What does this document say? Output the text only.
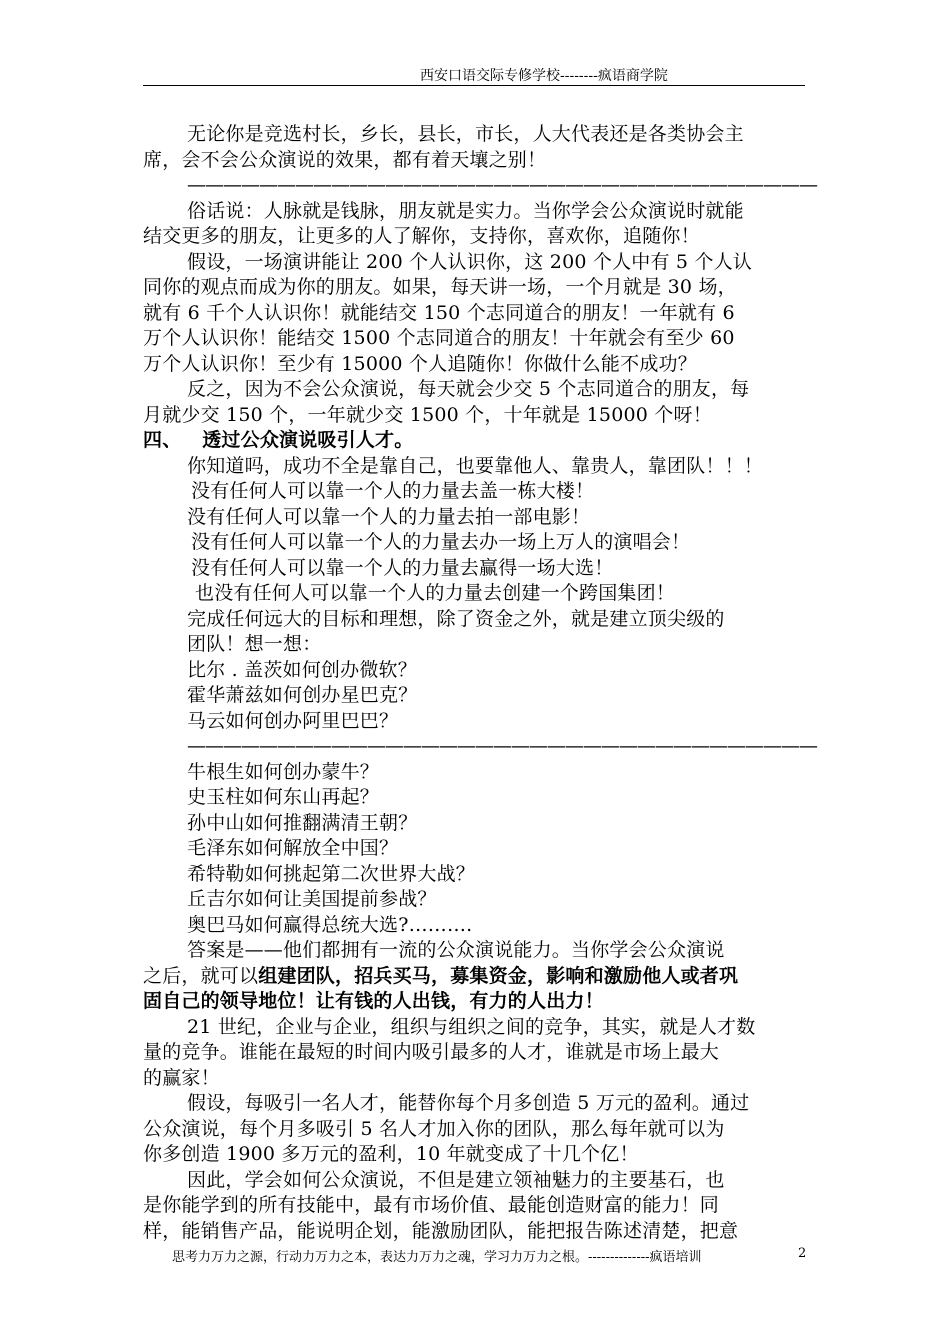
西安口语交际专修学校--------疯语商学院
无论你是竞选村长，乡长，县长，市长，人大代表还是各类协会主
席，会不会公众演说的效果，都有着天壤之别！
———————————————————————————————————
俗话说：人脉就是钱脉，朋友就是实力。当你学会公众演说时就能
结交更多的朋友，让更多的人了解你，支持你，喜欢你，追随你！
假设，一场演讲能让 200 个人认识你，这 200 个人中有 5 个人认
同你的观点而成为你的朋友。如果，每天讲一场，一个月就是 30 场，
就有 6 千个人认识你！就能结交 150 个志同道合的朋友！一年就有 6
万个人认识你！能结交 1500 个志同道合的朋友！十年就会有至少 60
万个人认识你！至少有 15000 个人追随你！你做什么能不成功？
反之，因为不会公众演说，每天就会少交 5 个志同道合的朋友，每
月就少交 150 个，一年就少交 1500 个，十年就是 15000 个呀！
四、 透过公众演说吸引人才。
你知道吗，成功不全是靠自己，也要靠他人、靠贵人，靠团队！！！
没有任何人可以靠一个人的力量去盖一栋大楼！
没有任何人可以靠一个人的力量去拍一部电影！
没有任何人可以靠一个人的力量去办一场上万人的演唱会！
没有任何人可以靠一个人的力量去赢得一场大选！
也没有任何人可以靠一个人的力量去创建一个跨国集团！
完成任何远大的目标和理想，除了资金之外，就是建立顶尖级的
团队！想一想：
比尔 . 盖茨如何创办微软？
霍华萧兹如何创办星巴克？
马云如何创办阿里巴巴？
———————————————————————————————————
牛根生如何创办蒙牛？
史玉柱如何东山再起？
孙中山如何推翻满清王朝？
毛泽东如何解放全中国？
希特勒如何挑起第二次世界大战？
丘吉尔如何让美国提前参战？
奥巴马如何赢得总统大选?……….
答案是——他们都拥有一流的公众演说能力。当你学会公众演说
之后，就可以组建团队，招兵买马，募集资金，影响和激励他人或者巩
固自己的领导地位！让有钱的人出钱，有力的人出力！
21 世纪，企业与企业，组织与组织之间的竞争，其实，就是人才数
量的竞争。谁能在最短的时间内吸引最多的人才，谁就是市场上最大
的赢家！
假设，每吸引一名人才，能替你每个月多创造 5 万元的盈利。通过
公众演说，每个月多吸引 5 名人才加入你的团队，那么每年就可以为
你多创造 1900 多万元的盈利，10 年就变成了十几个亿！
因此，学会如何公众演说，不但是建立领袖魅力的主要基石，也
是你能学到的所有技能中，最有市场价值、最能创造财富的能力！同
样，能销售产品，能说明企划，能激励团队，能把报告陈述清楚，把意
思考力万力之源，行动力万力之本，表达力万力之魂，学习力万力之根。--------------疯语培训	2
